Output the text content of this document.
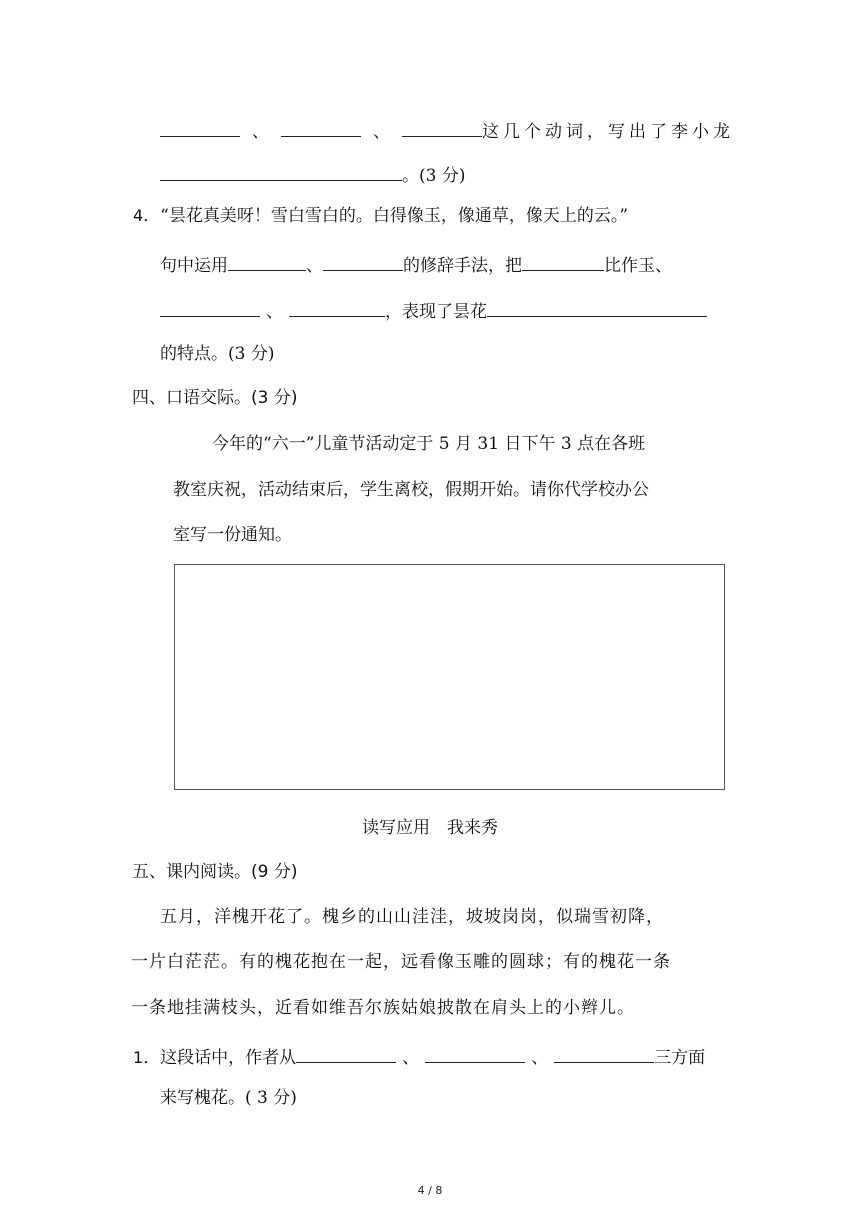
、	、	这几个动词，写出了李小龙
。(3 分)
4．“昙花真美呀！雪白雪白的。白得像玉，像通草，像天上的云。”
句中运用	、	的修辞手法，把	比作玉、
、	，表现了昙花
的特点。(3 分)
四、口语交际。(3 分)
今年的“六一”儿童节活动定于 5 月 31 日下午 3 点在各班
教室庆祝，活动结束后，学生离校，假期开始。请你代学校办公
室写一份通知。
读写应用　我来秀
五、课内阅读。(9 分)
五月，洋槐开花了。槐乡的山山洼洼，坡坡岗岗，似瑞雪初降，
一片白茫茫。有的槐花抱在一起，远看像玉雕的圆球；有的槐花一条
一条地挂满枝头，近看如维吾尔族姑娘披散在肩头上的小辫儿。
1．这段话中，作者从	、	、	三方面
来写槐花。( 3 分)
4 / 8
